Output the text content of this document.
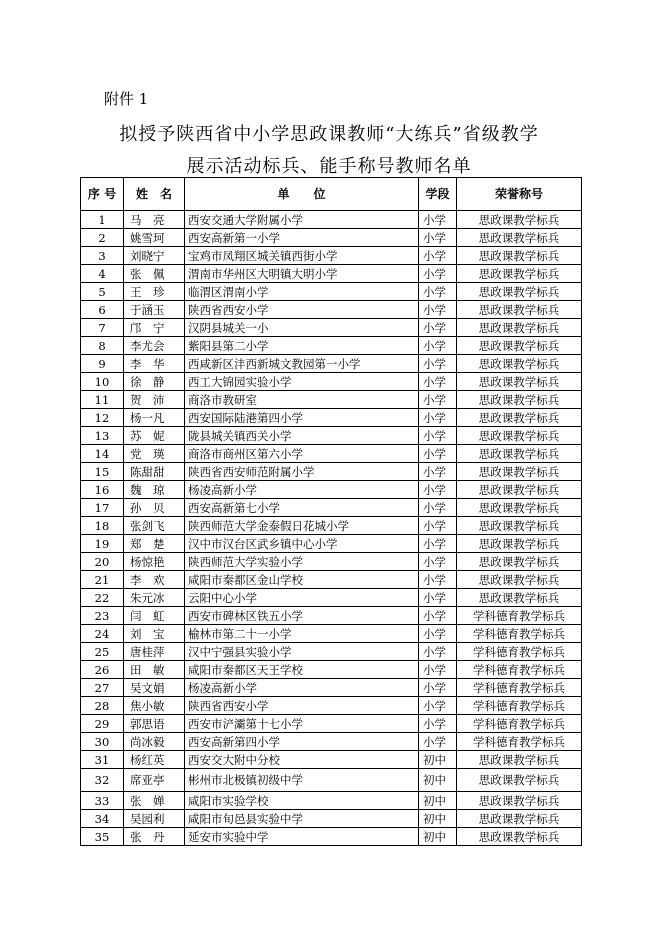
附件 1
拟授予陕西省中小学思政课教师“大练兵”省级教学
展示活动标兵、能手称号教师名单
序 号	姓　名	单　　位	学段	荣誉称号
1	马　亮	西安交通大学附属小学	小学	思政课教学标兵
2	姚雪珂	西安高新第一小学	小学	思政课教学标兵
3	刘晓宁	宝鸡市凤翔区城关镇西街小学	小学	思政课教学标兵
4	张　佩	渭南市华州区大明镇大明小学	小学	思政课教学标兵
5	王　珍	临渭区渭南小学	小学	思政课教学标兵
6	于涵玉	陕西省西安小学	小学	思政课教学标兵
7	邝　宁	汉阴县城关一小	小学	思政课教学标兵
8	李尤会	紫阳县第二小学	小学	思政课教学标兵
9	李　华	西咸新区沣西新城文教园第一小学	小学	思政课教学标兵
10	徐　静	西工大锦园实验小学	小学	思政课教学标兵
11	贺　沛	商洛市教研室	小学	思政课教学标兵
12	杨一凡	西安国际陆港第四小学	小学	思政课教学标兵
13	苏　妮	陇县城关镇西关小学	小学	思政课教学标兵
14	党　瑛	商洛市商州区第六小学	小学	思政课教学标兵
15	陈甜甜	陕西省西安师范附属小学	小学	思政课教学标兵
16	魏　琼	杨凌高新小学	小学	思政课教学标兵
17	孙　贝	西安高新第七小学	小学	思政课教学标兵
18	张剑飞	陕西师范大学金泰假日花城小学	小学	思政课教学标兵
19	郑　楚	汉中市汉台区武乡镇中心小学	小学	思政课教学标兵
20	杨惊艳	陕西师范大学实验小学	小学	思政课教学标兵
21	李　欢	咸阳市秦都区金山学校	小学	思政课教学标兵
22	朱元冰	云阳中心小学	小学	思政课教学标兵
23	闫　虹	西安市碑林区铁五小学	小学	学科德育教学标兵
24	刘　宝	榆林市第二十一小学	小学	学科德育教学标兵
25	唐桂萍	汉中宁强县实验小学	小学	学科德育教学标兵
26	田　敏	咸阳市秦都区天王学校	小学	学科德育教学标兵
27	吴文娟	杨凌高新小学	小学	学科德育教学标兵
28	焦小敏	陕西省西安小学	小学	学科德育教学标兵
29	郭思语	西安市浐灞第十七小学	小学	学科德育教学标兵
30	尚冰毅	西安高新第四小学	小学	学科德育教学标兵
31	杨红英	西安交大附中分校	初中	思政课教学标兵
32	席亚亭	彬州市北极镇初级中学	初中	思政课教学标兵
33	张　婵	咸阳市实验学校	初中	思政课教学标兵
34	吴园利	咸阳市旬邑县实验中学	初中	思政课教学标兵
35	张　丹	延安市实验中学	初中	思政课教学标兵
